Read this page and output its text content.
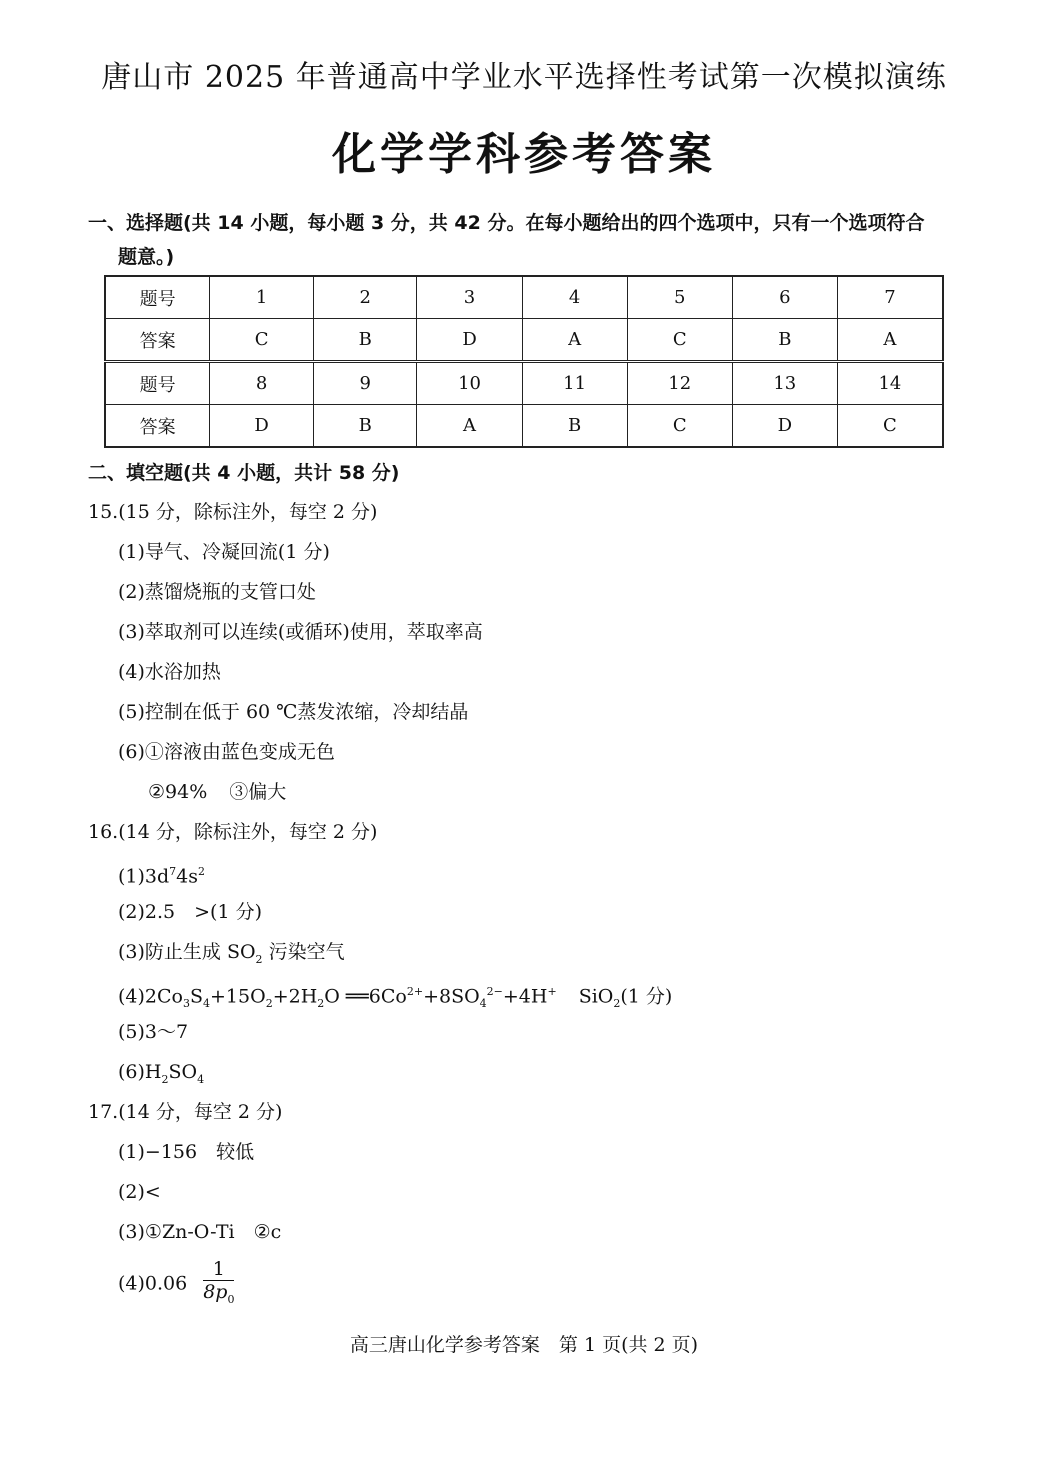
唐山市 2025 年普通高中学业水平选择性考试第一次模拟演练
化学学科参考答案
一、选择题(共 14 小题，每小题 3 分，共 42 分。在每小题给出的四个选项中，只有一个选项符合
题意。)
题号	1	2	3	4	5	6	7
答案	C	B	D	A	C	B	A
题号	8	9	10	11	12	13	14
答案	D	B	A	B	C	D	C
二、填空题(共 4 小题，共计 58 分)
15.(15 分，除标注外，每空 2 分)
(1)导气、冷凝回流(1 分)
(2)蒸馏烧瓶的支管口处
(3)萃取剂可以连续(或循环)使用，萃取率高
(4)水浴加热
(5)控制在低于 60 ℃蒸发浓缩，冷却结晶
(6)①溶液由蓝色变成无色
②94% ③偏大
16.(14 分，除标注外，每空 2 分)
$(1)3d^74s^2$
(2)2.5　>(1 分)
(3)防止生成 $SO_2$ 污染空气
$(4)2Co_3S_4+15O_2+2H_2O$ $══6Co^{2+}+8SO_4^{2-}+4H^+$ SiO$_2$(1 分)
(5)3～7
$(6)H_2SO_4$
17.(14 分，每空 2 分)
(1)−156　较低
(2)<
(3)①Zn-O-Ti　②c
$(4)0.06 \frac{1}{8p_0}$
高三唐山化学参考答案　第 1 页(共 2 页)
